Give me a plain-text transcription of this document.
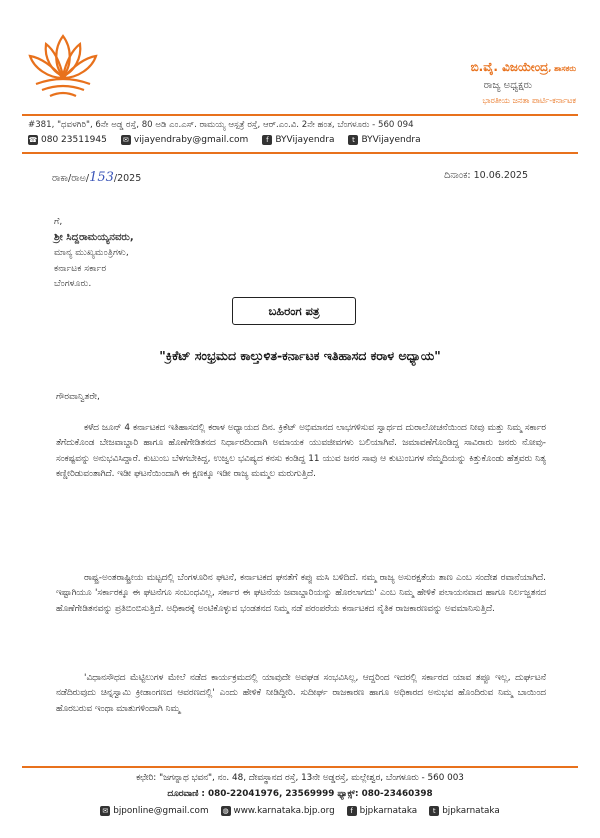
ಬಿ.ವೈ. ವಿಜಯೇಂದ್ರ, ಶಾಸಕರು
ರಾಜ್ಯ ಅಧ್ಯಕ್ಷರು
ಭಾರತೀಯ ಜನತಾ ಪಾರ್ಟಿ-ಕರ್ನಾಟಕ
#381, "ಧವಳಗಿರಿ", 6ನೇ ಅಡ್ಡ ರಸ್ತೆ, 80 ಅಡಿ ಎಂ.ಎಸ್. ರಾಮಯ್ಯ ಆಸ್ಪತ್ರೆ ರಸ್ತೆ, ಆರ್.ಎಂ.ವಿ. 2ನೇ ಹಂತ, ಬೆಂಗಳೂರು - 560 094
☎ 080 23511945 ✉ vijayendraby@gmail.com	f BYVijayendra	t BYVijayendra
ರಾಕಾ/ರಾಅ/153/2025	ದಿನಾಂಕ: 10.06.2025
ಗೆ,
ಶ್ರೀ ಸಿದ್ದರಾಮಯ್ಯನವರು,
ಮಾನ್ಯ ಮುಖ್ಯಮಂತ್ರಿಗಳು,
ಕರ್ನಾಟಕ ಸರ್ಕಾರ
ಬೆಂಗಳೂರು.
ಬಹಿರಂಗ ಪತ್ರ
"ಕ್ರಿಕೆಟ್ ಸಂಭ್ರಮದ ಕಾಲ್ತುಳಿತ-ಕರ್ನಾಟಕ ಇತಿಹಾಸದ ಕರಾಳ ಅಧ್ಯಾಯ"
ಗೌರವಾನ್ವಿತರೇ,

ಕಳೆದ ಜೂನ್ 4 ಕರ್ನಾಟಕದ ಇತಿಹಾಸದಲ್ಲಿ ಕರಾಳ ಅಧ್ಯಾಯದ ದಿನ. ಕ್ರಿಕೆಟ್ ಅಭಿಮಾನದ ಲಾಭಗಳಿಸುವ ಸ್ವಾರ್ಥದ ದುರಾಲೋಚನೆಯಿಂದ ನೀವು ಮತ್ತು ನಿಮ್ಮ ಸರ್ಕಾರ ತೆಗೆದುಕೊಂಡ ಬೇಜವಾಬ್ದಾರಿ ಹಾಗೂ ಹೊಣೆಗೇಡಿತನದ ನಿರ್ಧಾರದಿಂದಾಗಿ ಅಮಾಯಕ ಯುವಜೀವಗಳು ಬಲಿಯಾಗಿವೆ. ಜಮಾವಣೆಗೊಂಡಿದ್ದ ಸಾವಿರಾರು ಜನರು ನೋವು-ಸಂಕಷ್ಟವನ್ನು ಅನುಭವಿಸಿದ್ದಾರೆ. ಕುಟುಂಬ ಬೆಳಗಬೇಕಿದ್ದ, ಉಜ್ವಲ ಭವಿಷ್ಯದ ಕನಸು ಕಂಡಿದ್ದ 11 ಯುವ ಜನರ ಸಾವು ಆ ಕುಟುಂಬಗಳ ನೆಮ್ಮದಿಯನ್ನು ಕಿತ್ತುಕೊಂಡು ಹೆತ್ತವರು ನಿತ್ಯ ಕಣ್ಣೀರಿಡುವಂತಾಗಿದೆ. ಇಡೀ ಘಟನೆಯಿಂದಾಗಿ ಈ ಕ್ಷಣಕ್ಕೂ ಇಡೀ ರಾಜ್ಯ ಮಮ್ಮಲ ಮರುಗುತ್ತಿದೆ.

ರಾಷ್ಟ್ರ-ಅಂತರಾಷ್ಟ್ರೀಯ ಮಟ್ಟದಲ್ಲಿ ಬೆಂಗಳೂರಿನ ಘಟನೆ, ಕರ್ನಾಟಕದ ಘನತೆಗೆ ಕಪ್ಪು ಮಸಿ ಬಳಿದಿದೆ. ನಮ್ಮ ರಾಜ್ಯ ಅಸುರಕ್ಷತೆಯ ತಾಣ ಎಂಬ ಸಂದೇಶ ರವಾನೆಯಾಗಿದೆ. ಇಷ್ಟಾಗಿಯೂ 'ಸರ್ಕಾರಕ್ಕೂ ಈ ಘಟನೆಗೂ ಸಂಬಂಧವಿಲ್ಲ, ಸರ್ಕಾರ ಈ ಘಟನೆಯ ಜವಾಬ್ದಾರಿಯನ್ನು ಹೊರಲಾಗದು' ಎಂಬ ನಿಮ್ಮ ಹೇಳಿಕೆ ಪಲಾಯನವಾದ ಹಾಗೂ ನಿರ್ಲಜ್ಜತನದ ಹೊಣೆಗೇಡಿತನವನ್ನು ಪ್ರತಿಬಿಂಬಿಸುತ್ತಿದೆ. ಅಧಿಕಾರಕ್ಕೆ ಅಂಟಿಕೊಳ್ಳುವ ಭಂಡತನದ ನಿಮ್ಮ ನಡೆ ಪರಂಪರೆಯ ಕರ್ನಾಟಕದ ನೈತಿಕ ರಾಜಕಾರಣವನ್ನು ಅವಮಾನಿಸುತ್ತಿದೆ.

'ವಿಧಾನಸೌಧದ ಮೆಟ್ಟಿಲುಗಳ ಮೇಲೆ ನಡೆದ ಕಾರ್ಯಕ್ರಮದಲ್ಲಿ ಯಾವುದೇ ಅವಘಡ ಸಂಭವಿಸಿಲ್ಲ, ಆದ್ದರಿಂದ ಇದರಲ್ಲಿ ಸರ್ಕಾರದ ಯಾವ ತಪ್ಪೂ ಇಲ್ಲ, ದುರ್ಘಟನೆ ನಡೆದಿರುವುದು ಚಿನ್ನಸ್ವಾಮಿ ಕ್ರೀಡಾಂಗಣದ ಆವರಣದಲ್ಲಿ' ಎಂದು ಹೇಳಿಕೆ ನೀಡಿದ್ದೀರಿ. ಸುದೀರ್ಘ ರಾಜಕಾರಣ ಹಾಗೂ ಅಧಿಕಾರದ ಅನುಭವ ಹೊಂದಿರುವ ನಿಮ್ಮ ಬಾಯಿಂದ ಹೊರಬರುವ ಇಂಥಾ ಮಾತುಗಳಿಂದಾಗಿ ನಿಮ್ಮ

ಕಛೇರಿ: "ಜಗನ್ನಾಥ ಭವನ", ನಂ. 48, ದೇವಸ್ಥಾನದ ರಸ್ತೆ, 13ನೇ ಅಡ್ಡರಸ್ತೆ, ಮಲ್ಲೇಶ್ವರ, ಬೆಂಗಳೂರು - 560 003
ದೂರವಾಣಿ : 080-22041976, 23569999 ಫ್ಯಾಕ್ಸ್: 080-23460398
✉ bjponline@gmail.com ◍ www.karnataka.bjp.org	f bjpkarnataka	t bjpkarnataka
